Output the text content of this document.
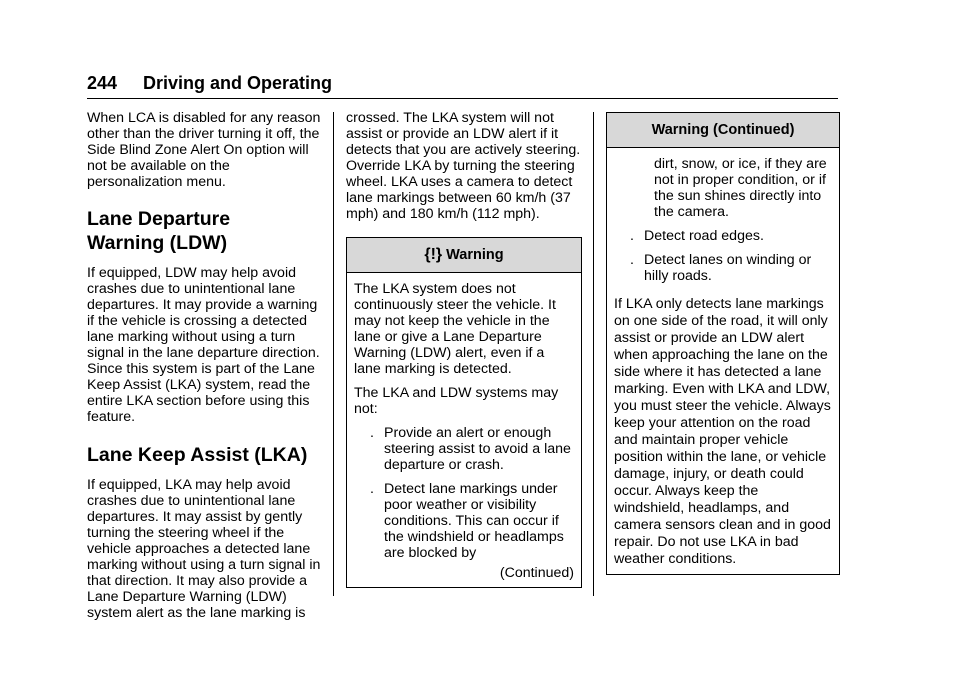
244 Driving and Operating

When LCA is disabled for any reason other than the driver turning it off, the Side Blind Zone Alert On option will not be available on the personalization menu.

Lane Departure
Warning (LDW)

If equipped, LDW may help avoid crashes due to unintentional lane departures. It may provide a warning if the vehicle is crossing a detected lane marking without using a turn signal in the lane departure direction. Since this system is part of the Lane Keep Assist (LKA) system, read the entire LKA section before using this feature.

Lane Keep Assist (LKA)

If equipped, LKA may help avoid crashes due to unintentional lane departures. It may assist by gently turning the steering wheel if the vehicle approaches a detected lane marking without using a turn signal in that direction. It may also provide a Lane Departure Warning (LDW) system alert as the lane marking is

crossed. The LKA system will not assist or provide an LDW alert if it detects that you are actively steering. Override LKA by turning the steering wheel. LKA uses a camera to detect lane markings between 60 km/h (37 mph) and 180 km/h (112 mph).

{!} Warning

The LKA system does not continuously steer the vehicle. It may not keep the vehicle in the lane or give a Lane Departure Warning (LDW) alert, even if a lane marking is detected.

The LKA and LDW systems may not:

. Provide an alert or enough steering assist to avoid a lane departure or crash.
. Detect lane markings under poor weather or visibility conditions. This can occur if the windshield or headlamps are blocked by
(Continued)
Warning (Continued)
dirt, snow, or ice, if they are not in proper condition, or if the sun shines directly into the camera.
. Detect road edges.
. Detect lanes on winding or hilly roads.

If LKA only detects lane markings on one side of the road, it will only assist or provide an LDW alert when approaching the lane on the side where it has detected a lane marking. Even with LKA and LDW, you must steer the vehicle. Always keep your attention on the road and maintain proper vehicle position within the lane, or vehicle damage, injury, or death could occur. Always keep the windshield, headlamps, and camera sensors clean and in good repair. Do not use LKA in bad weather conditions.
